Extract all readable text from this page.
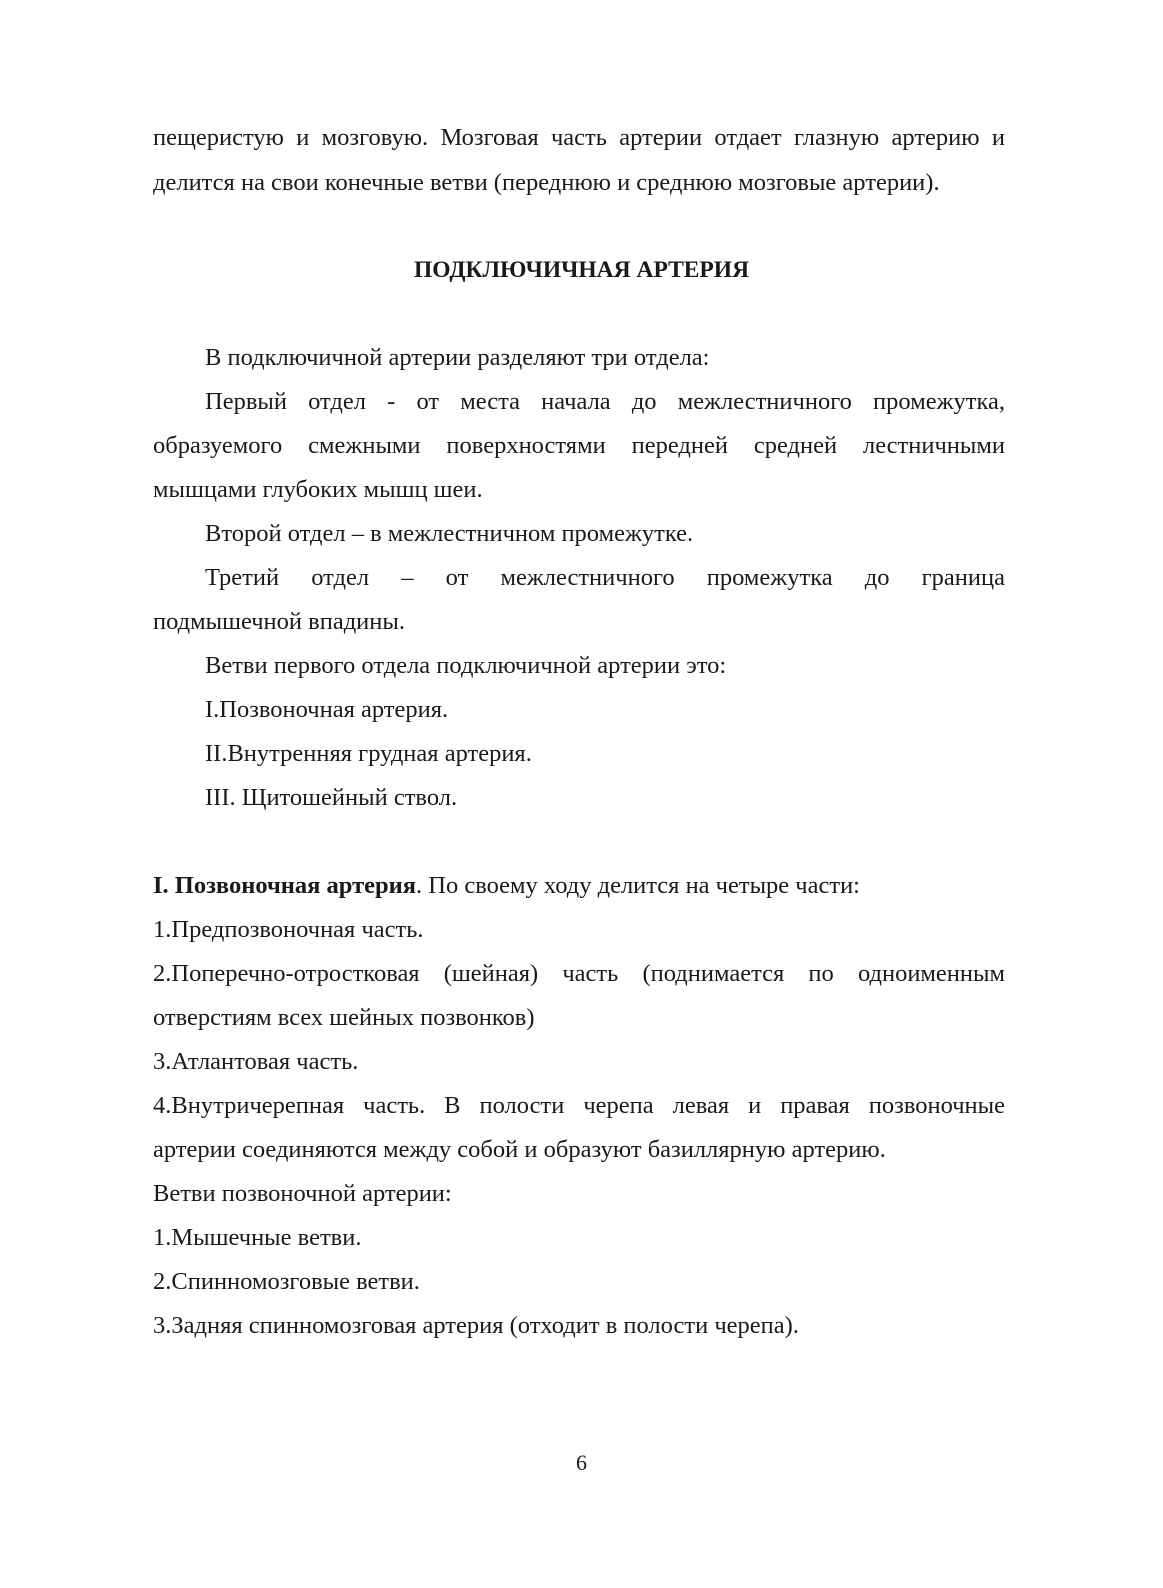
пещеристую и мозговую. Мозговая часть артерии отдает глазную артерию и
делится на свои конечные ветви (переднюю и среднюю мозговые артерии).
ПОДКЛЮЧИЧНАЯ АРТЕРИЯ
В подключичной артерии разделяют три отдела:
Первый отдел - от места начала до межлестничного промежутка,
образуемого смежными поверхностями передней средней лестничными
мышцами глубоких мышц шеи.
Второй отдел – в межлестничном промежутке.
Третий отдел – от межлестничного промежутка до граница
подмышечной впадины.
Ветви первого отдела подключичной артерии это:
I.Позвоночная артерия.
II.Внутренняя грудная артерия.
III. Щитошейный ствол.
I. Позвоночная артерия. По своему ходу делится на четыре части:
1.Предпозвоночная часть.
2.Поперечно-отростковая (шейная) часть (поднимается по одноименным
отверстиям всех шейных позвонков)
3.Атлантовая часть.
4.Внутричерепная часть. В полости черепа левая и правая позвоночные
артерии соединяются между собой и образуют базиллярную артерию.
Ветви позвоночной артерии:
1.Мышечные ветви.
2.Спинномозговые ветви.
3.Задняя спинномозговая артерия (отходит в полости черепа).
6
